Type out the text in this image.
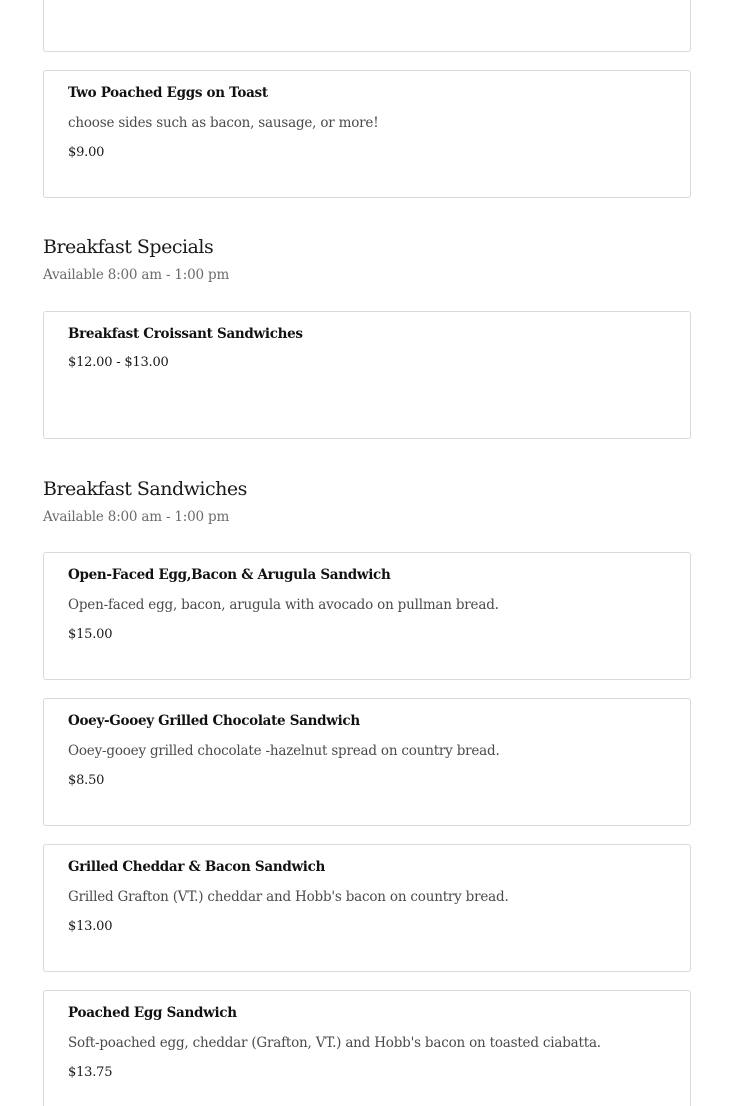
Two Poached Eggs on Toast
choose sides such as bacon, sausage, or more!
$9.00
Breakfast Specials
Available 8:00 am - 1:00 pm
Breakfast Croissant Sandwiches
$12.00 - $13.00
Breakfast Sandwiches
Available 8:00 am - 1:00 pm
Open-Faced Egg,Bacon & Arugula Sandwich
Open-faced egg, bacon, arugula with avocado on pullman bread.
$15.00
Ooey-Gooey Grilled Chocolate Sandwich
Ooey-gooey grilled chocolate -hazelnut spread on country bread.
$8.50
Grilled Cheddar & Bacon Sandwich
Grilled Grafton (VT.) cheddar and Hobb's bacon on country bread.
$13.00
Poached Egg Sandwich
Soft-poached egg, cheddar (Grafton, VT.) and Hobb's bacon on toasted ciabatta.
$13.75
